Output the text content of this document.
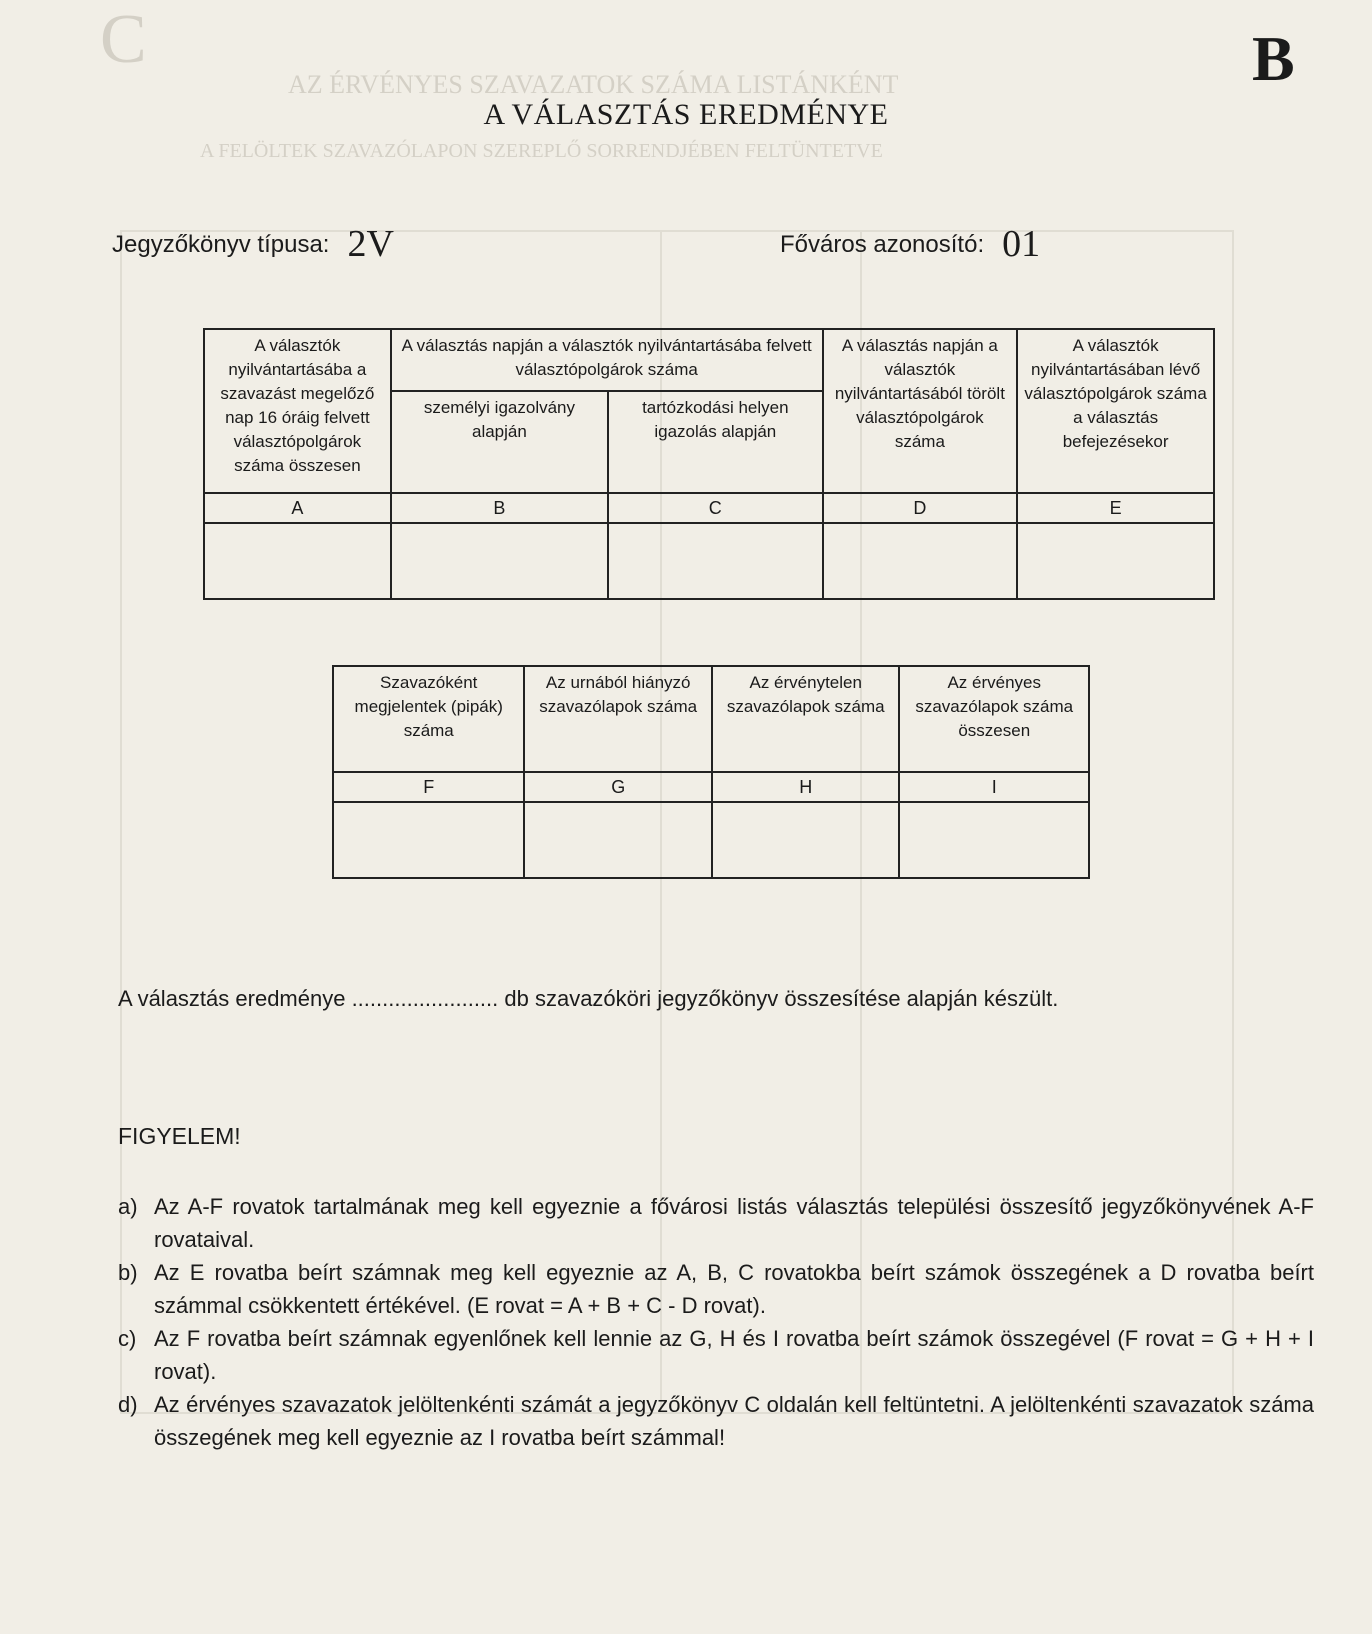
C
AZ ÉRVÉNYES SZAVAZATOK SZÁMA LISTÁNKÉNT
A FELÖLTEK SZAVAZÓLAPON SZEREPLŐ SORRENDJÉBEN FELTÜNTETVE
B
A VÁLASZTÁS EREDMÉNYE
Jegyzőkönyv típusa: 2V	Főváros azonosító: 01
A választók nyilvántartásába a szavazást megelőző nap 16 óráig felvett választópolgárok száma összesen	A választás napján a választók nyilvántartásába felvett választópolgárok száma		A választás napján a választók nyilvántartásából törölt választópolgárok száma	A választók nyilvántartásában lévő választópolgárok száma a választás befejezésekor
	személyi igazolvány alapján	tartózkodási helyen igazolás alapján		
A	B	C	D	E

Szavazóként megjelentek (pipák) száma	Az urnából hiányzó szavazólapok száma	Az érvénytelen szavazólapok száma	Az érvényes szavazólapok száma összesen
F	G	H	I

A választás eredménye ........................ db szavazóköri jegyzőkönyv összesítése alapján készült.
FIGYELEM!
a) Az A-F rovatok tartalmának meg kell egyeznie a fővárosi listás választás települési összesítő jegyzőkönyvének A-F rovataival.
b) Az E rovatba beírt számnak meg kell egyeznie az A, B, C rovatokba beírt számok összegének a D rovatba beírt számmal csökkentett értékével. (E rovat = A + B + C - D rovat).
c) Az F rovatba beírt számnak egyenlőnek kell lennie az G, H és I rovatba beírt számok összegével (F rovat = G + H + I rovat).
d) Az érvényes szavazatok jelöltenkénti számát a jegyzőkönyv C oldalán kell feltüntetni. A jelöltenkénti szavazatok száma összegének meg kell egyeznie az I rovatba beírt számmal!
